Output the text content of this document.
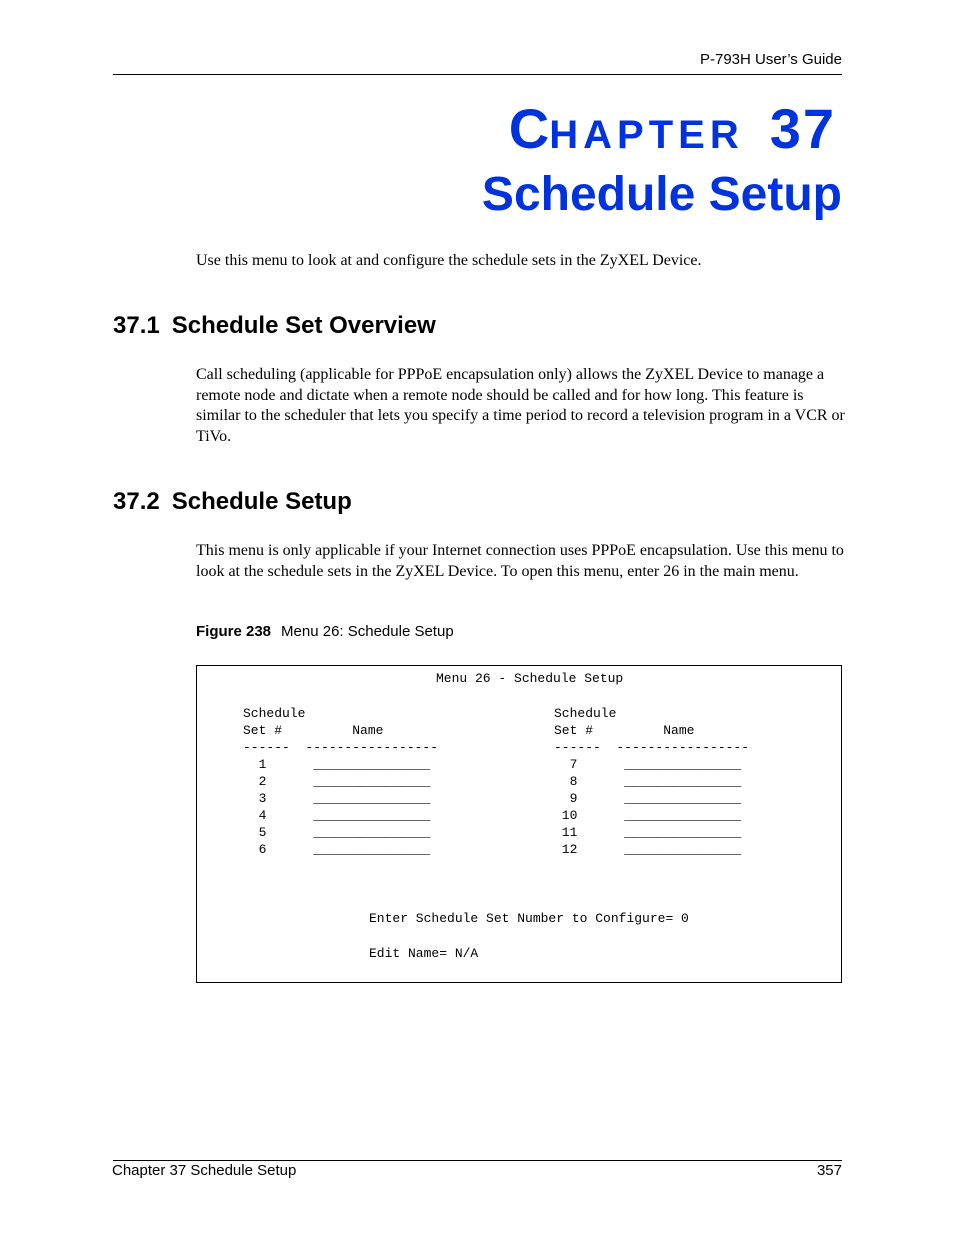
P-793H User’s Guide
CHAPTER 37
Schedule Setup
Use this menu to look at and configure the schedule sets in the ZyXEL Device.
37.1 Schedule Set Overview
Call scheduling (applicable for PPPoE encapsulation only) allows the ZyXEL Device to manage a remote node and dictate when a remote node should be called and for how long. This feature is similar to the scheduler that lets you specify a time period to record a television program in a VCR or TiVo.
37.2 Schedule Setup
This menu is only applicable if your Internet connection uses PPPoE encapsulation. Use this menu to look at the schedule sets in the ZyXEL Device. To open this menu, enter 26 in the main menu.
Figure 238 Menu 26: Schedule Setup
Menu 26 - Schedule Setup
Schedule
Set #         Name
------  -----------------
Schedule
Set #         Name
------  -----------------
1      _______________
2      _______________
3      _______________
4      _______________
5      _______________
6      _______________
7      _______________
8      _______________
9      _______________
10      _______________
11      _______________
12      _______________
Enter Schedule Set Number to Configure= 0
Edit Name= N/A
Chapter 37 Schedule Setup	357
